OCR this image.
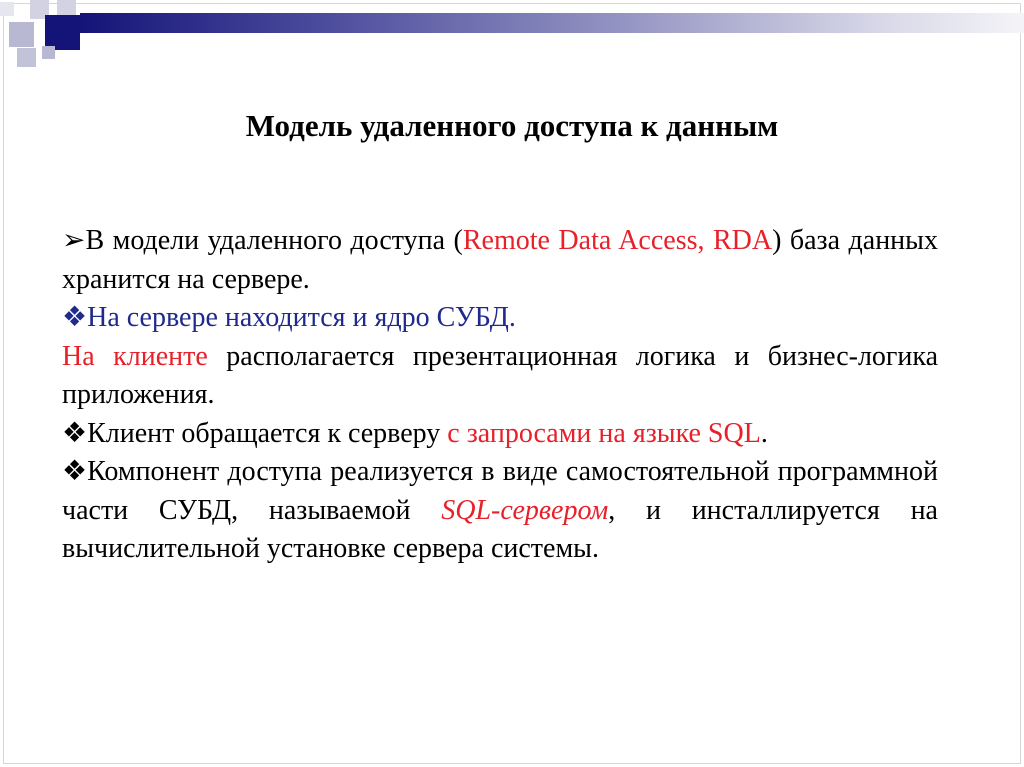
Модель удаленного доступа к данным

➢В модели удаленного доступа (Remote Data Access, RDA) база данных хранится на сервере.

❖На сервере находится и ядро СУБД.

На клиенте располагается презентационная логика и бизнес-логика приложения.

❖Клиент обращается к серверу с запросами на языке SQL.

❖Компонент доступа реализуется в виде самостоятельной программной части СУБД, называемой SQL-сервером, и инсталлируется на вычислительной установке сервера системы.
